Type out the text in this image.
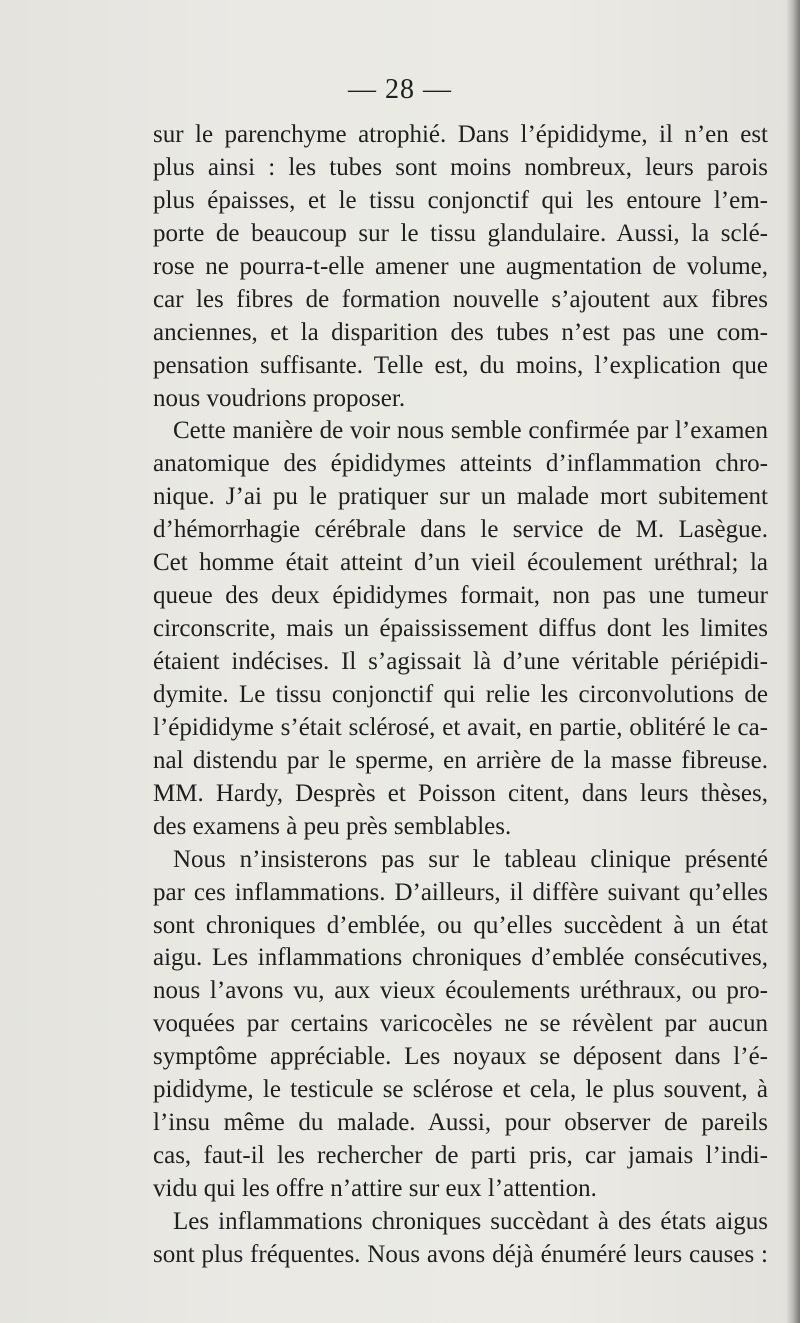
— 28 —
sur le parenchyme atrophié. Dans l’épididyme, il n’en est
plus ainsi : les tubes sont moins nombreux, leurs parois
plus épaisses, et le tissu conjonctif qui les entoure l’em-
porte de beaucoup sur le tissu glandulaire. Aussi, la sclé-
rose ne pourra-t-elle amener une augmentation de volume,
car les fibres de formation nouvelle s’ajoutent aux fibres
anciennes, et la disparition des tubes n’est pas une com-
pensation suffisante. Telle est, du moins, l’explication que
nous voudrions proposer.
Cette manière de voir nous semble confirmée par l’examen
anatomique des épididymes atteints d’inflammation chro-
nique. J’ai pu le pratiquer sur un malade mort subitement
d’hémorrhagie cérébrale dans le service de M. Lasègue.
Cet homme était atteint d’un vieil écoulement uréthral; la
queue des deux épididymes formait, non pas une tumeur
circonscrite, mais un épaississement diffus dont les limites
étaient indécises. Il s’agissait là d’une véritable périépidi-
dymite. Le tissu conjonctif qui relie les circonvolutions de
l’épididyme s’était sclérosé, et avait, en partie, oblitéré le ca-
nal distendu par le sperme, en arrière de la masse fibreuse.
MM. Hardy, Desprès et Poisson citent, dans leurs thèses,
des examens à peu près semblables.
Nous n’insisterons pas sur le tableau clinique présenté
par ces inflammations. D’ailleurs, il diffère suivant qu’elles
sont chroniques d’emblée, ou qu’elles succèdent à un état
aigu. Les inflammations chroniques d’emblée consécutives,
nous l’avons vu, aux vieux écoulements uréthraux, ou pro-
voquées par certains varicocèles ne se révèlent par aucun
symptôme appréciable. Les noyaux se déposent dans l’é-
pididyme, le testicule se sclérose et cela, le plus souvent, à
l’insu même du malade. Aussi, pour observer de pareils
cas, faut-il les rechercher de parti pris, car jamais l’indi-
vidu qui les offre n’attire sur eux l’attention.
Les inflammations chroniques succèdant à des états aigus
sont plus fréquentes. Nous avons déjà énuméré leurs causes :
